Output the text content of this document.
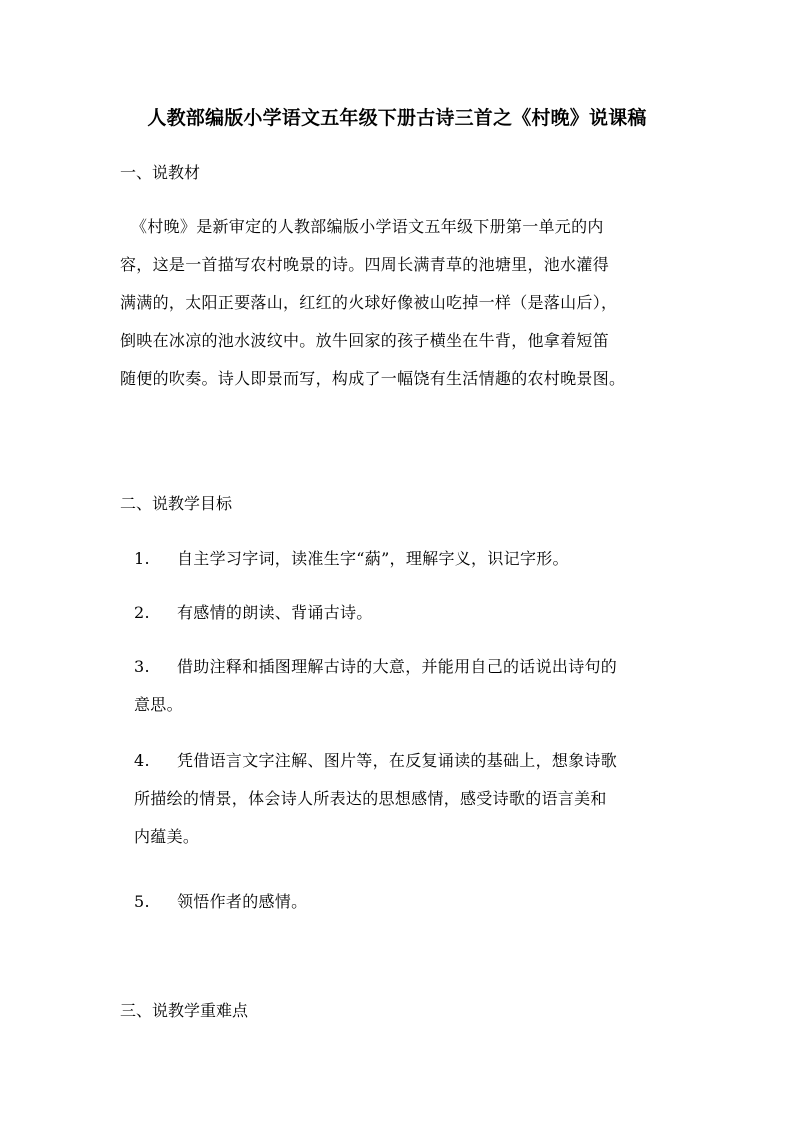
人教部编版小学语文五年级下册古诗三首之《村晚》说课稿
一、说教材
《村晚》是新审定的人教部编版小学语文五年级下册第一单元的内
容，这是一首描写农村晚景的诗。四周长满青草的池塘里，池水灌得
满满的，太阳正要落山，红红的火球好像被山吃掉一样（是落山后），
倒映在冰凉的池水波纹中。放牛回家的孩子横坐在牛背，他拿着短笛
随便的吹奏。诗人即景而写，构成了一幅饶有生活情趣的农村晚景图。
二、说教学目标
1. 自主学习字词，读准生字“蒳”，理解字义，识记字形。
2. 有感情的朗读、背诵古诗。
3. 借助注释和插图理解古诗的大意，并能用自己的话说出诗句的
意思。
4. 凭借语言文字注解、图片等，在反复诵读的基础上，想象诗歌
所描绘的情景，体会诗人所表达的思想感情，感受诗歌的语言美和
内蕴美。
5. 领悟作者的感情。
三、说教学重难点
